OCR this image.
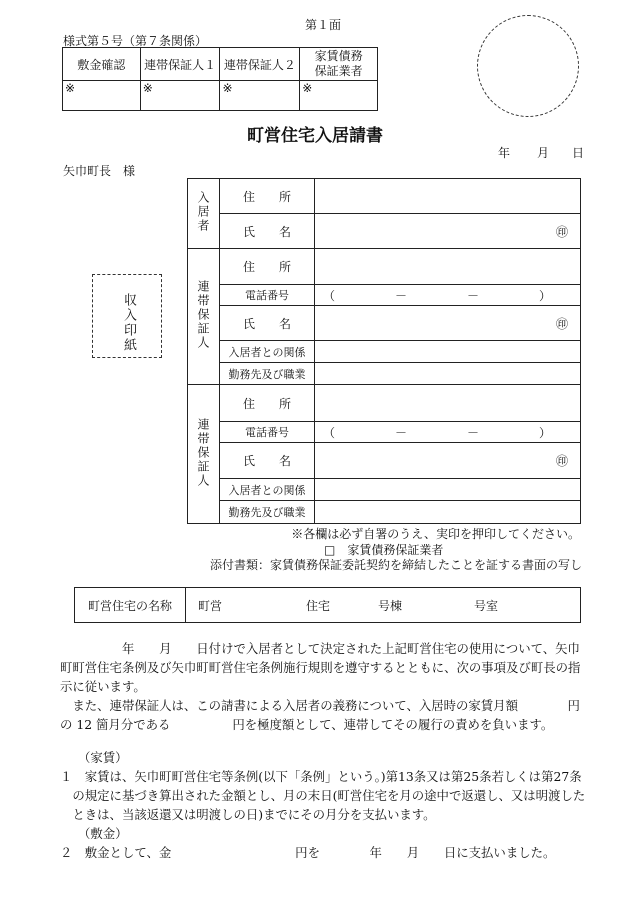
第１面
様式第５号（第７条関係）
敷金確認	連帯保証人１	連帯保証人２	家賃債務
保証業者
※	※	※	※
町営住宅入居請書
年 月 日
矢巾町長　様
収入印紙
入居者	住　　所	
	氏　　名	㊞
連帯保証人	住　　所	
	電話番号	（　　　　　－　　　　　－　　　　　）
	氏　　名	㊞
	入居者との関係	
	勤務先及び職業	
連帯保証人	住　　所	
	電話番号	（　　　　　－　　　　　－　　　　　）
	氏　　名	㊞
	入居者との関係	
	勤務先及び職業	
※各欄は必ず自署のうえ、実印を押印してください。
□　家賃債務保証業者
添付書類：家賃債務保証委託契約を締結したことを証する書面の写し
町営住宅の名称	町営　　　　　　　住宅　　　　号棟　　　　　　号室
　　　　　年　　月　　日付けで入居者として決定された上記町営住宅の使用について、矢巾
町町営住宅条例及び矢巾町町営住宅条例施行規則を遵守するとともに、次の事項及び町長の指
示に従います。
　また、連帯保証人は、この請書による入居者の義務について、入居時の家賃月額　　　　円
の 12 箇月分である　　　　　円を極度額として、連帯してその履行の責めを負います。
（家賃）
１　家賃は、矢巾町町営住宅等条例(以下「条例」という。)第13条又は第25条若しくは第27条
　の規定に基づき算出された金額とし、月の末日(町営住宅を月の途中で返還し、又は明渡した
　ときは、当該返還又は明渡しの日)までにその月分を支払います。
（敷金）
２　敷金として、金　　　　　　　　　　円を　　　　年　　月　　日に支払いました。
